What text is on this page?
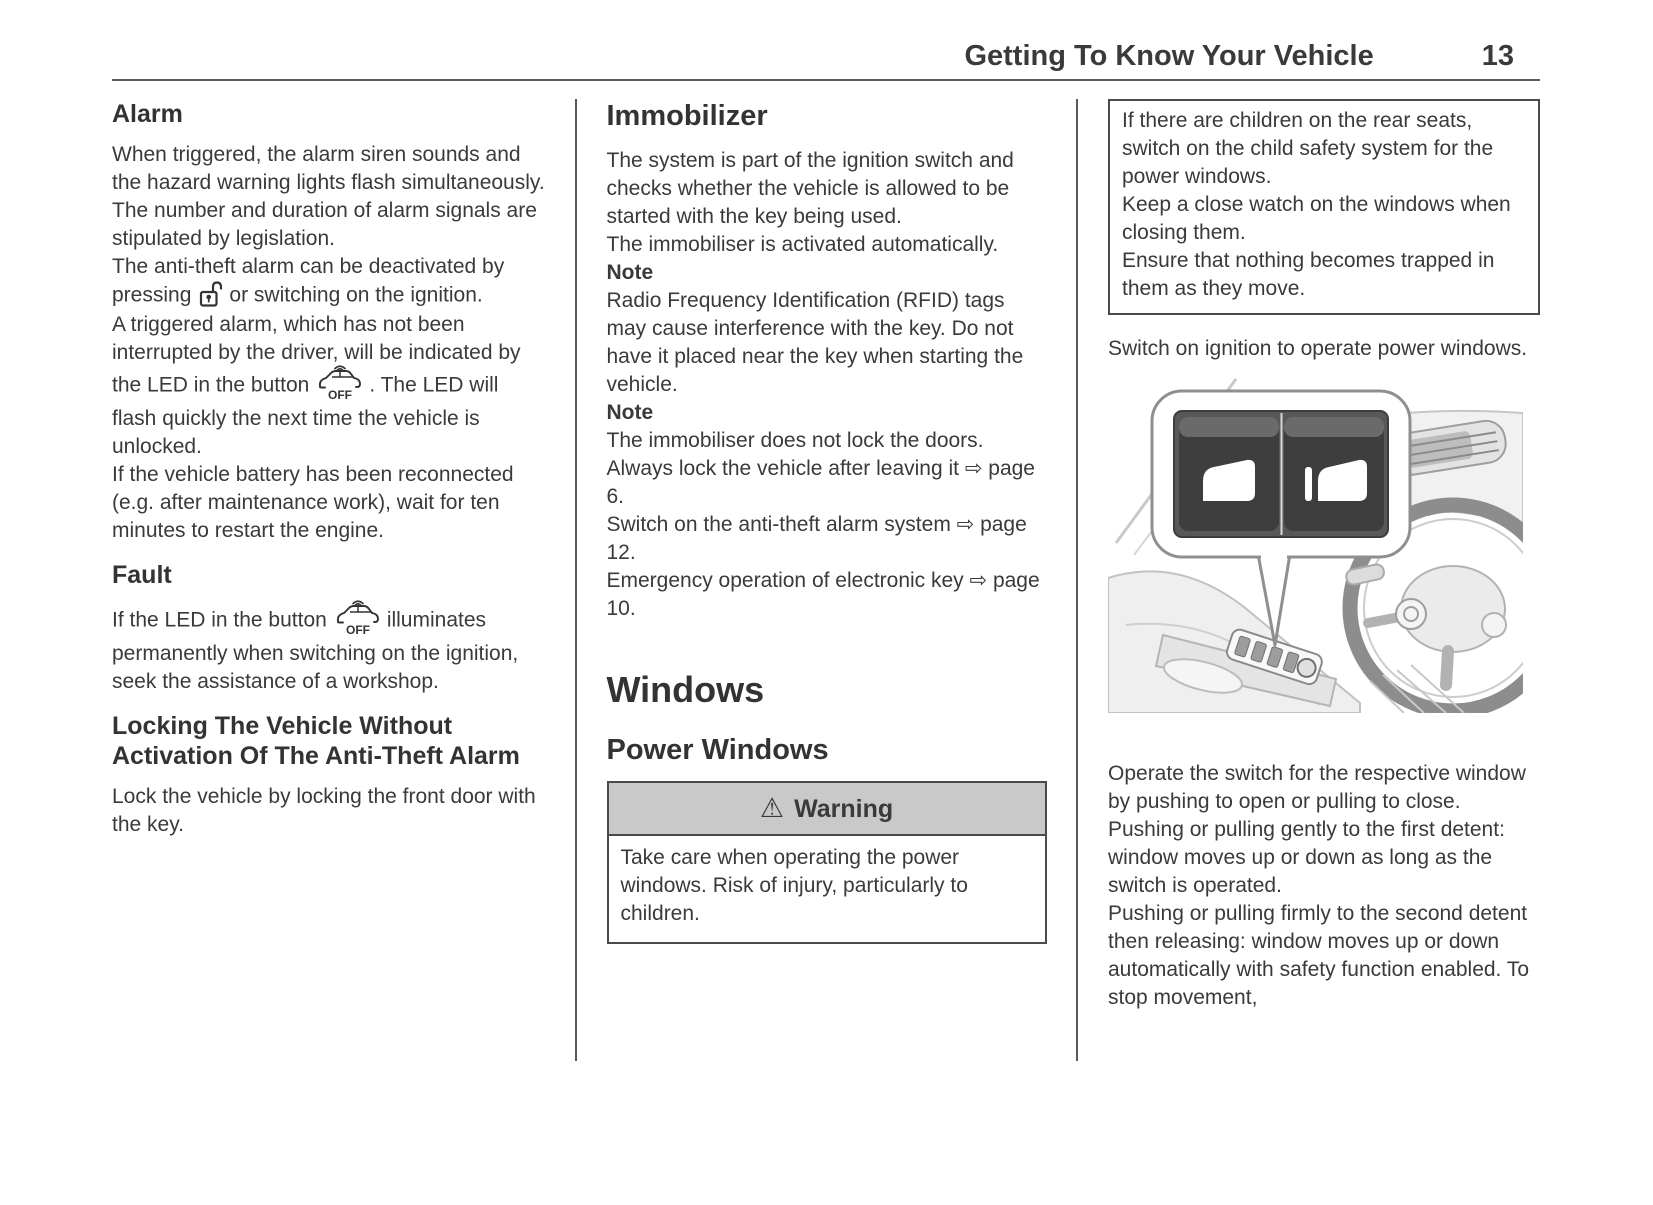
Getting To Know Your Vehicle	13
Alarm

When triggered, the alarm siren sounds and the hazard warning lights flash simultaneously. The number and duration of alarm signals are stipulated by legislation.

The anti-theft alarm can be deactivated by pressing or switching on the ignition.

A triggered alarm, which has not been interrupted by the driver, will be indicated by the LED in the button OFF . The LED will flash quickly the next time the vehicle is unlocked.

If the vehicle battery has been reconnected (e.g. after maintenance work), wait for ten minutes to restart the engine.

Fault

If the LED in the button OFF illuminates permanently when switching on the ignition, seek the assistance of a workshop.

Locking The Vehicle Without Activation Of The Anti-Theft Alarm

Lock the vehicle by locking the front door with the key.

Immobilizer

The system is part of the ignition switch and checks whether the vehicle is allowed to be started with the key being used.

The immobiliser is activated automatically.

Note

Radio Frequency Identification (RFID) tags may cause interference with the key. Do not have it placed near the key when starting the vehicle.

Note

The immobiliser does not lock the doors. Always lock the vehicle after leaving it ⇨ page 6.

Switch on the anti-theft alarm system ⇨ page 12.

Emergency operation of electronic key ⇨ page 10.

Windows
Power Windows
⚠ Warning

Take care when operating the power windows. Risk of injury, particularly to children.

If there are children on the rear seats, switch on the child safety system for the power windows.

Keep a close watch on the windows when closing them.

Ensure that nothing becomes trapped in them as they move.

Switch on ignition to operate power windows.

Operate the switch for the respective window by pushing to open or pulling to close.

Pushing or pulling gently to the first detent: window moves up or down as long as the switch is operated.

Pushing or pulling firmly to the second detent then releasing: window moves up or down automatically with safety function enabled. To stop movement,
